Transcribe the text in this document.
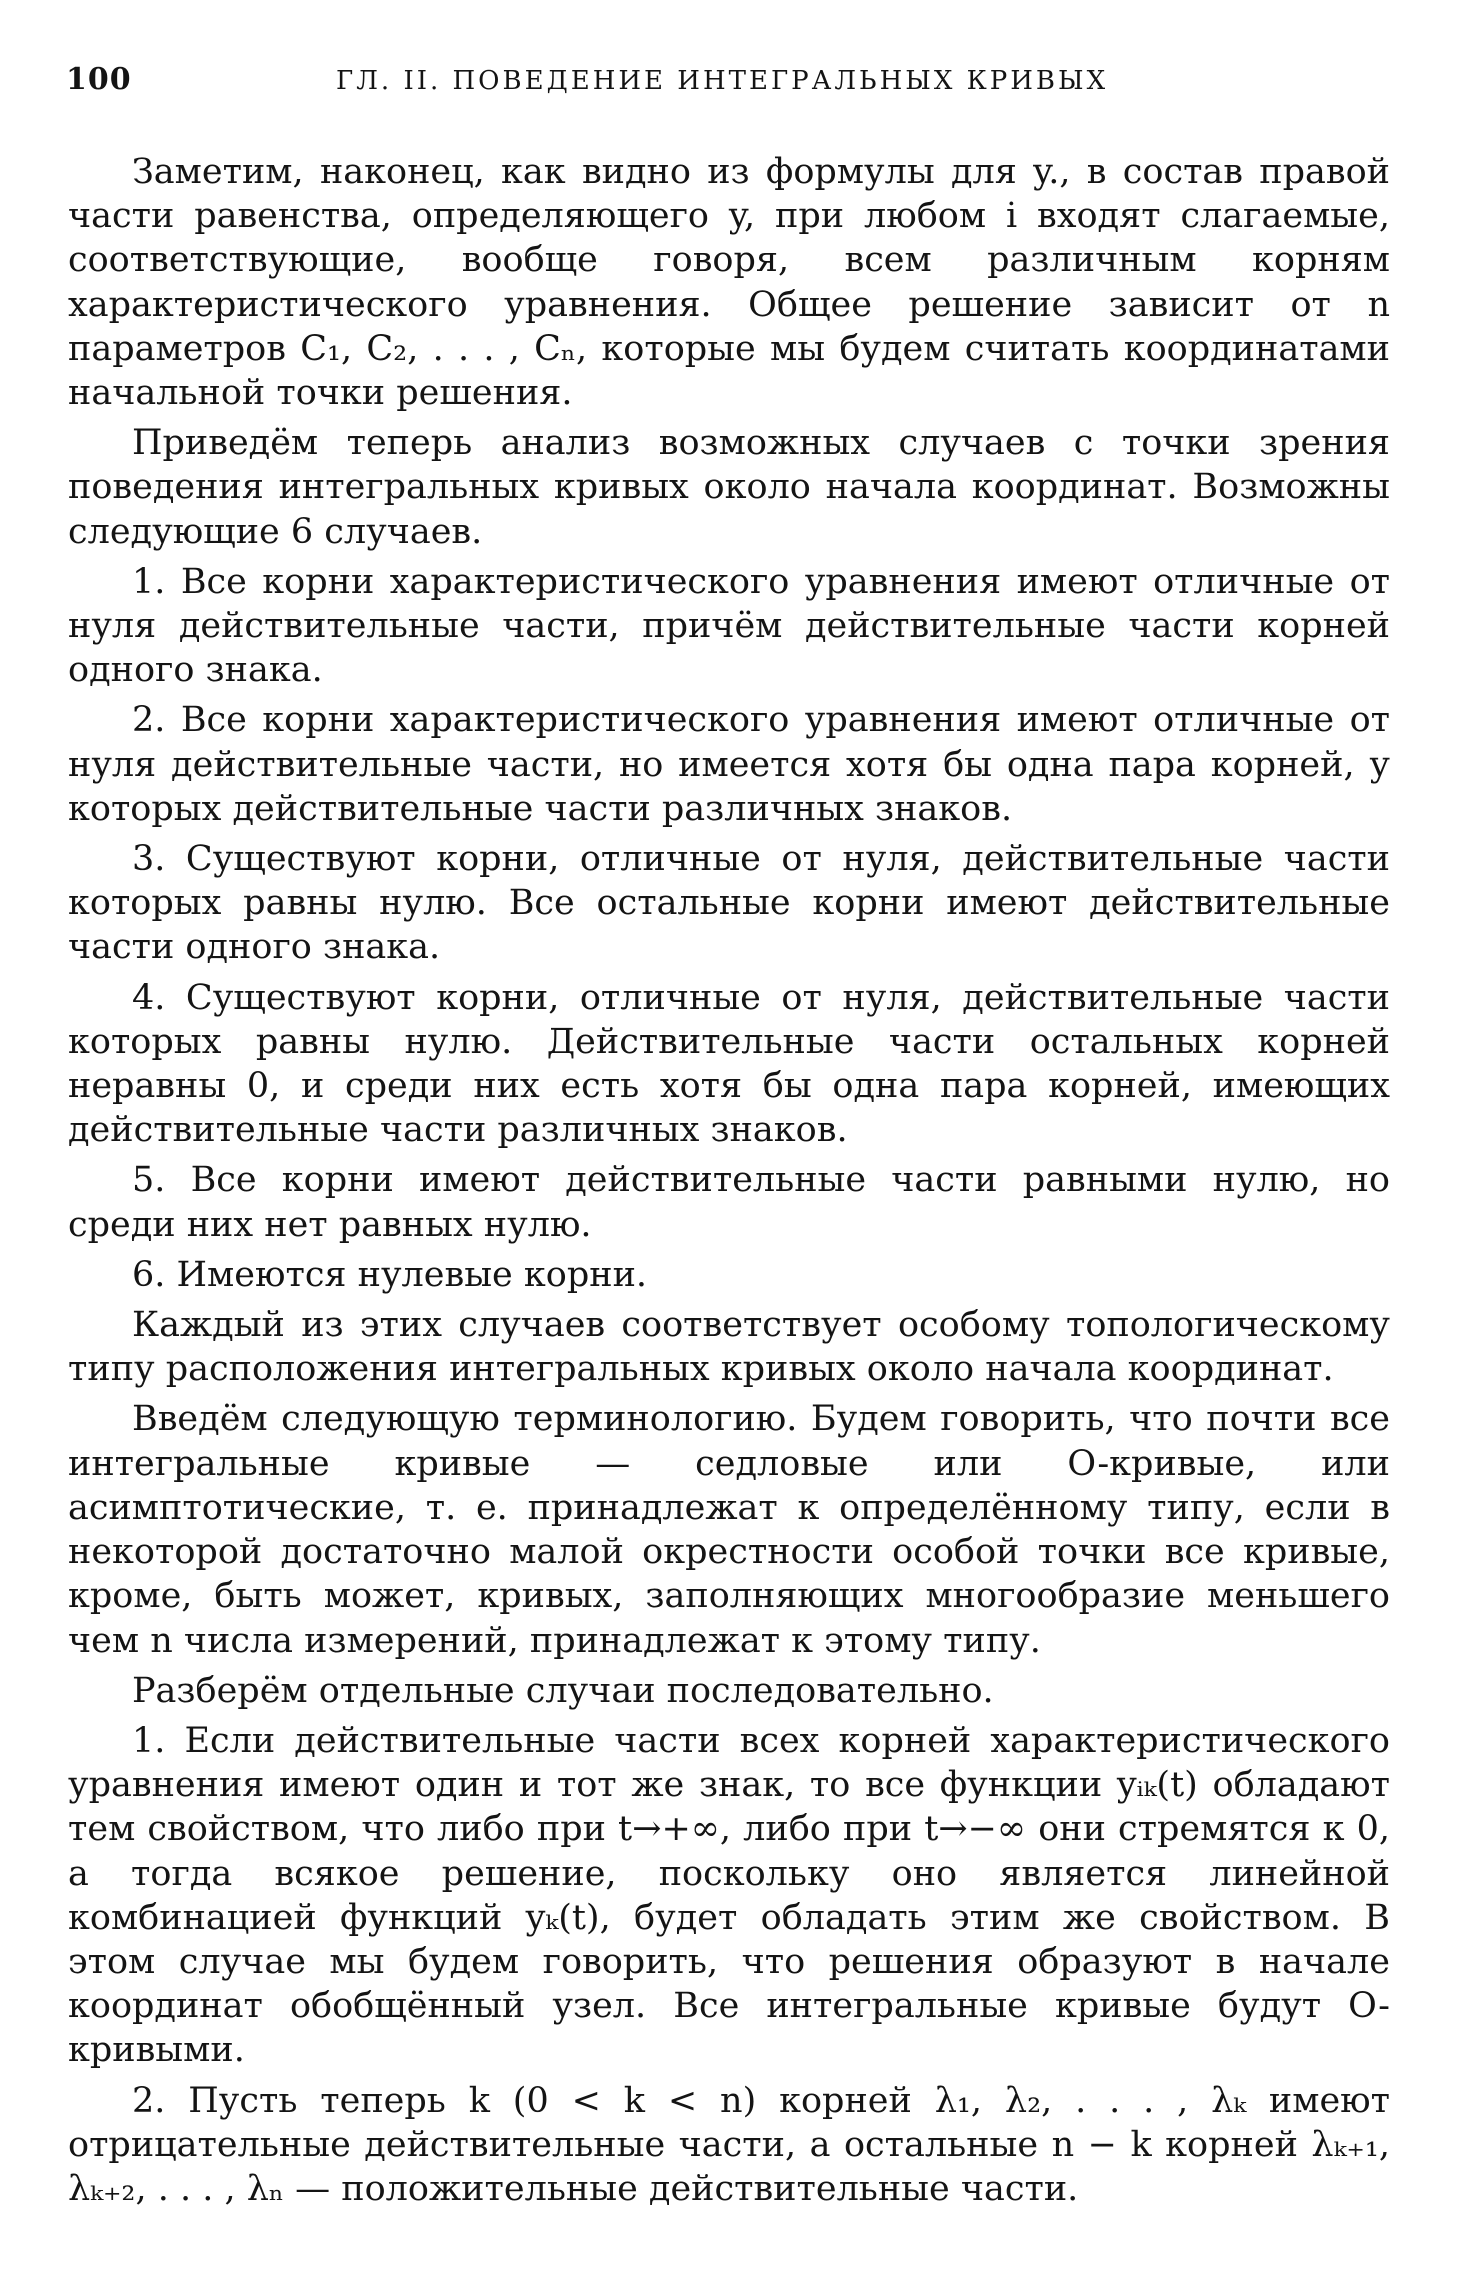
100	ГЛ. II. ПОВЕДЕНИЕ ИНТЕГРАЛЬНЫХ КРИВЫХ

Заметим, наконец, как видно из формулы для y., в состав правой части равенства, определяющего y, при любом i входят слагаемые, соответствующие, вообще говоря, всем различным корням характеристического уравнения. Общее решение зависит от n параметров C₁, C₂, . . . , Cₙ, которые мы будем считать координатами начальной точки решения.

Приведём теперь анализ возможных случаев с точки зрения поведения интегральных кривых около начала координат. Возможны следующие 6 случаев.

1. Все корни характеристического уравнения имеют отличные от нуля действительные части, причём действительные части корней одного знака.

2. Все корни характеристического уравнения имеют отличные от нуля действительные части, но имеется хотя бы одна пара корней, у которых действительные части различных знаков.

3. Существуют корни, отличные от нуля, действительные части которых равны нулю. Все остальные корни имеют действительные части одного знака.

4. Существуют корни, отличные от нуля, действительные части которых равны нулю. Действительные части остальных корней неравны 0, и среди них есть хотя бы одна пара корней, имеющих действительные части различных знаков.

5. Все корни имеют действительные части равными нулю, но среди них нет равных нулю.

6. Имеются нулевые корни.

Каждый из этих случаев соответствует особому топологическому типу расположения интегральных кривых около начала координат.

Введём следующую терминологию. Будем говорить, что почти все интегральные кривые — седловые или O-кривые, или асимптотические, т. е. принадлежат к определённому типу, если в некоторой достаточно малой окрестности особой точки все кривые, кроме, быть может, кривых, заполняющих многообразие меньшего чем n числа измерений, принадлежат к этому типу.

Разберём отдельные случаи последовательно.

1. Если действительные части всех корней характеристического уравнения имеют один и тот же знак, то все функции yᵢₖ(t) обладают тем свойством, что либо при t→+∞, либо при t→−∞ они стремятся к 0, а тогда всякое решение, поскольку оно является линейной комбинацией функций yₖ(t), будет обладать этим же свойством. В этом случае мы будем говорить, что решения образуют в начале координат обобщённый узел. Все интегральные кривые будут O-кривыми.

2. Пусть теперь k (0 < k < n) корней λ₁, λ₂, . . . , λₖ имеют отрицательные действительные части, а остальные n − k корней λₖ₊₁, λₖ₊₂, . . . , λₙ — положительные действительные части.
